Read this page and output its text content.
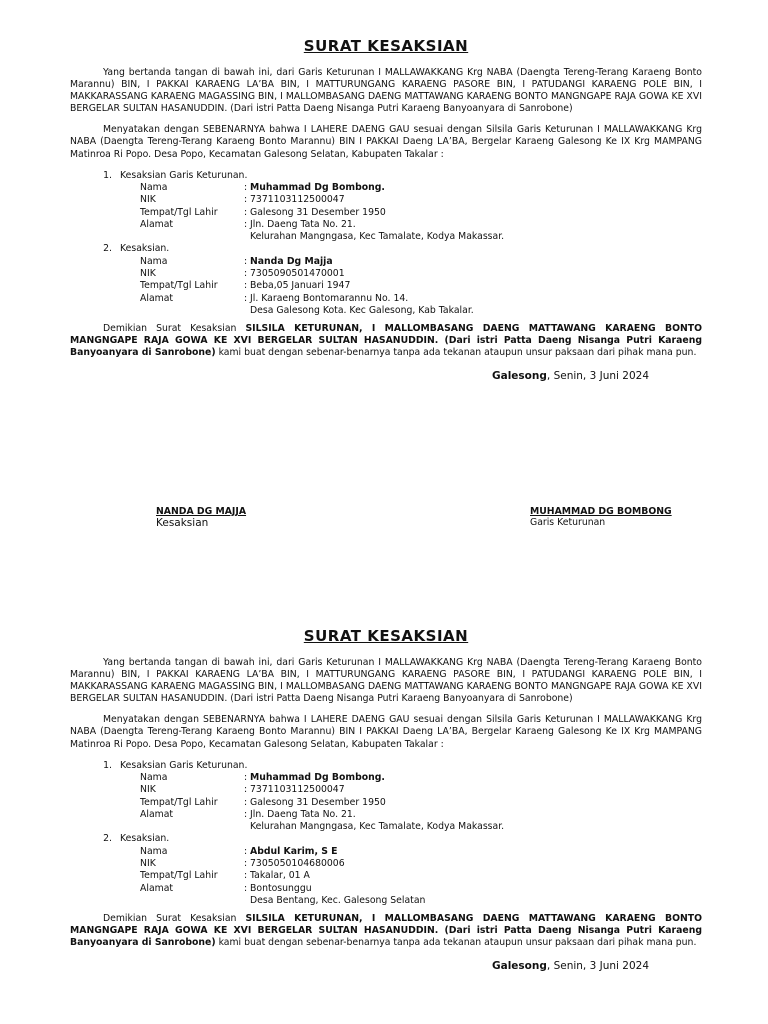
SURAT KESAKSIAN

Yang bertanda tangan di bawah ini, dari Garis Keturunan I MALLAWAKKANG Krg NABA (Daengta Tereng-Terang Karaeng Bonto Marannu) BIN, I PAKKAI KARAENG LA’BA BIN, I MATTURUNGANG KARAENG PASORE BIN, I PATUDANGI KARAENG POLE BIN, I MAKKARASSANG KARAENG MAGASSING BIN, I MALLOMBASANG DAENG MATTAWANG KARAENG BONTO MANGNGAPE RAJA GOWA KE XVI BERGELAR SULTAN HASANUDDIN. (Dari istri Patta Daeng Nisanga Putri Karaeng Banyoanyara di Sanrobone)

Menyatakan dengan SEBENARNYA bahwa I LAHERE DAENG GAU sesuai dengan Silsila Garis Keturunan I MALLAWAKKANG Krg NABA (Daengta Tereng-Terang Karaeng Bonto Marannu) BIN I PAKKAI Daeng LA’BA, Bergelar Karaeng Galesong Ke IX Krg MAMPANG Matinroa Ri Popo. Desa Popo, Kecamatan Galesong Selatan, Kabupaten Takalar :

1. Kesaksian Garis Keturunan.
Nama	: Muhammad Dg Bombong.
NIK	: 7371103112500047
Tempat/Tgl Lahir	: Galesong 31 Desember 1950
Alamat	: Jln. Daeng Tata No. 21.
Kelurahan Mangngasa, Kec Tamalate, Kodya Makassar.
2. Kesaksian.
Nama	: Nanda Dg Majja
NIK	: 7305090501470001
Tempat/Tgl Lahir	: Beba,05 Januari 1947
Alamat	: Jl. Karaeng Bontomarannu No. 14.
Desa Galesong Kota. Kec Galesong, Kab Takalar.

Demikian Surat Kesaksian SILSILA KETURUNAN, I MALLOMBASANG DAENG MATTAWANG KARAENG BONTO MANGNGAPE RAJA GOWA KE XVI BERGELAR SULTAN HASANUDDIN. (Dari istri Patta Daeng Nisanga Putri Karaeng Banyoanyara di Sanrobone) kami buat dengan sebenar-benarnya tanpa ada tekanan ataupun unsur paksaan dari pihak mana pun.

Galesong, Senin, 3 Juni 2024
NANDA DG MAJJA
Kesaksian
MUHAMMAD DG BOMBONG
Garis Keturunan
SURAT KESAKSIAN

Yang bertanda tangan di bawah ini, dari Garis Keturunan I MALLAWAKKANG Krg NABA (Daengta Tereng-Terang Karaeng Bonto Marannu) BIN, I PAKKAI KARAENG LA’BA BIN, I MATTURUNGANG KARAENG PASORE BIN, I PATUDANGI KARAENG POLE BIN, I MAKKARASSANG KARAENG MAGASSING BIN, I MALLOMBASANG DAENG MATTAWANG KARAENG BONTO MANGNGAPE RAJA GOWA KE XVI BERGELAR SULTAN HASANUDDIN. (Dari istri Patta Daeng Nisanga Putri Karaeng Banyoanyara di Sanrobone)

Menyatakan dengan SEBENARNYA bahwa I LAHERE DAENG GAU sesuai dengan Silsila Garis Keturunan I MALLAWAKKANG Krg NABA (Daengta Tereng-Terang Karaeng Bonto Marannu) BIN I PAKKAI Daeng LA’BA, Bergelar Karaeng Galesong Ke IX Krg MAMPANG Matinroa Ri Popo. Desa Popo, Kecamatan Galesong Selatan, Kabupaten Takalar :

1. Kesaksian Garis Keturunan.
Nama	: Muhammad Dg Bombong.
NIK	: 7371103112500047
Tempat/Tgl Lahir	: Galesong 31 Desember 1950
Alamat	: Jln. Daeng Tata No. 21.
Kelurahan Mangngasa, Kec Tamalate, Kodya Makassar.
2. Kesaksian.
Nama	: Abdul Karim, S E
NIK	: 7305050104680006
Tempat/Tgl Lahir	: Takalar, 01 A
Alamat	: Bontosunggu
Desa Bentang, Kec. Galesong Selatan

Demikian Surat Kesaksian SILSILA KETURUNAN, I MALLOMBASANG DAENG MATTAWANG KARAENG BONTO MANGNGAPE RAJA GOWA KE XVI BERGELAR SULTAN HASANUDDIN. (Dari istri Patta Daeng Nisanga Putri Karaeng Banyoanyara di Sanrobone) kami buat dengan sebenar-benarnya tanpa ada tekanan ataupun unsur paksaan dari pihak mana pun.

Galesong, Senin, 3 Juni 2024
